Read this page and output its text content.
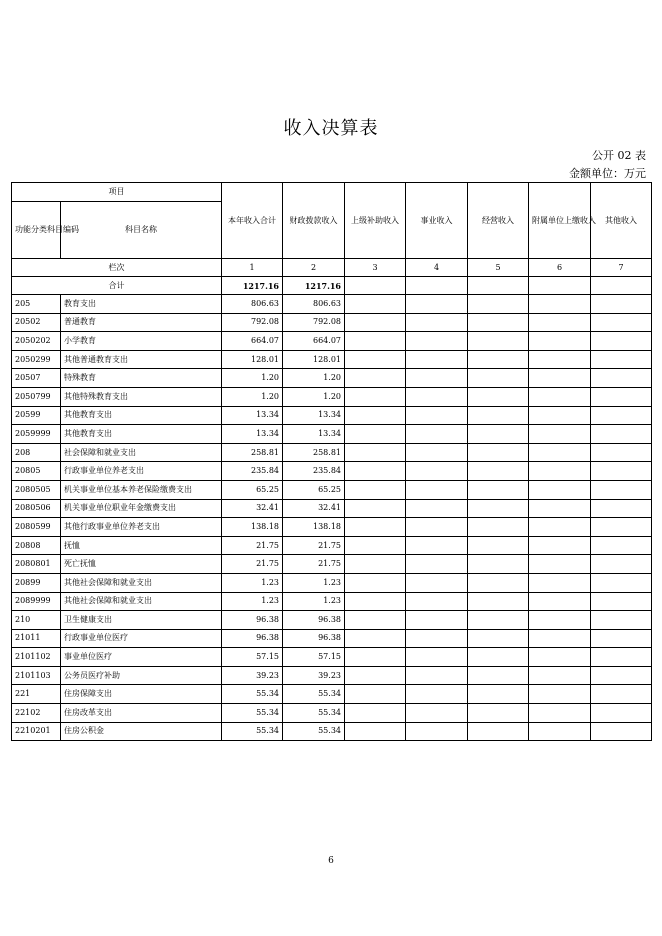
收入决算表
公开 02 表
金额单位：万元
项目		本年收入合计	财政拨款收入	上级补助收入	事业收入	经营收入	附属单位上缴收入	其他收入
功能分类科目编码	科目名称							
栏次		1	2	3	4	5	6	7
合计		1217.16	1217.16					
205	教育支出	806.63	806.63					
20502	普通教育	792.08	792.08					
2050202	小学教育	664.07	664.07					
2050299	其他普通教育支出	128.01	128.01					
20507	特殊教育	1.20	1.20					
2050799	其他特殊教育支出	1.20	1.20					
20599	其他教育支出	13.34	13.34					
2059999	其他教育支出	13.34	13.34					
208	社会保障和就业支出	258.81	258.81					
20805	行政事业单位养老支出	235.84	235.84					
2080505	机关事业单位基本养老保险缴费支出	65.25	65.25					
2080506	机关事业单位职业年金缴费支出	32.41	32.41					
2080599	其他行政事业单位养老支出	138.18	138.18					
20808	抚恤	21.75	21.75					
2080801	死亡抚恤	21.75	21.75					
20899	其他社会保障和就业支出	1.23	1.23					
2089999	其他社会保障和就业支出	1.23	1.23					
210	卫生健康支出	96.38	96.38					
21011	行政事业单位医疗	96.38	96.38					
2101102	事业单位医疗	57.15	57.15					
2101103	公务员医疗补助	39.23	39.23					
221	住房保障支出	55.34	55.34					
22102	住房改革支出	55.34	55.34					
2210201	住房公积金	55.34	55.34					
6
